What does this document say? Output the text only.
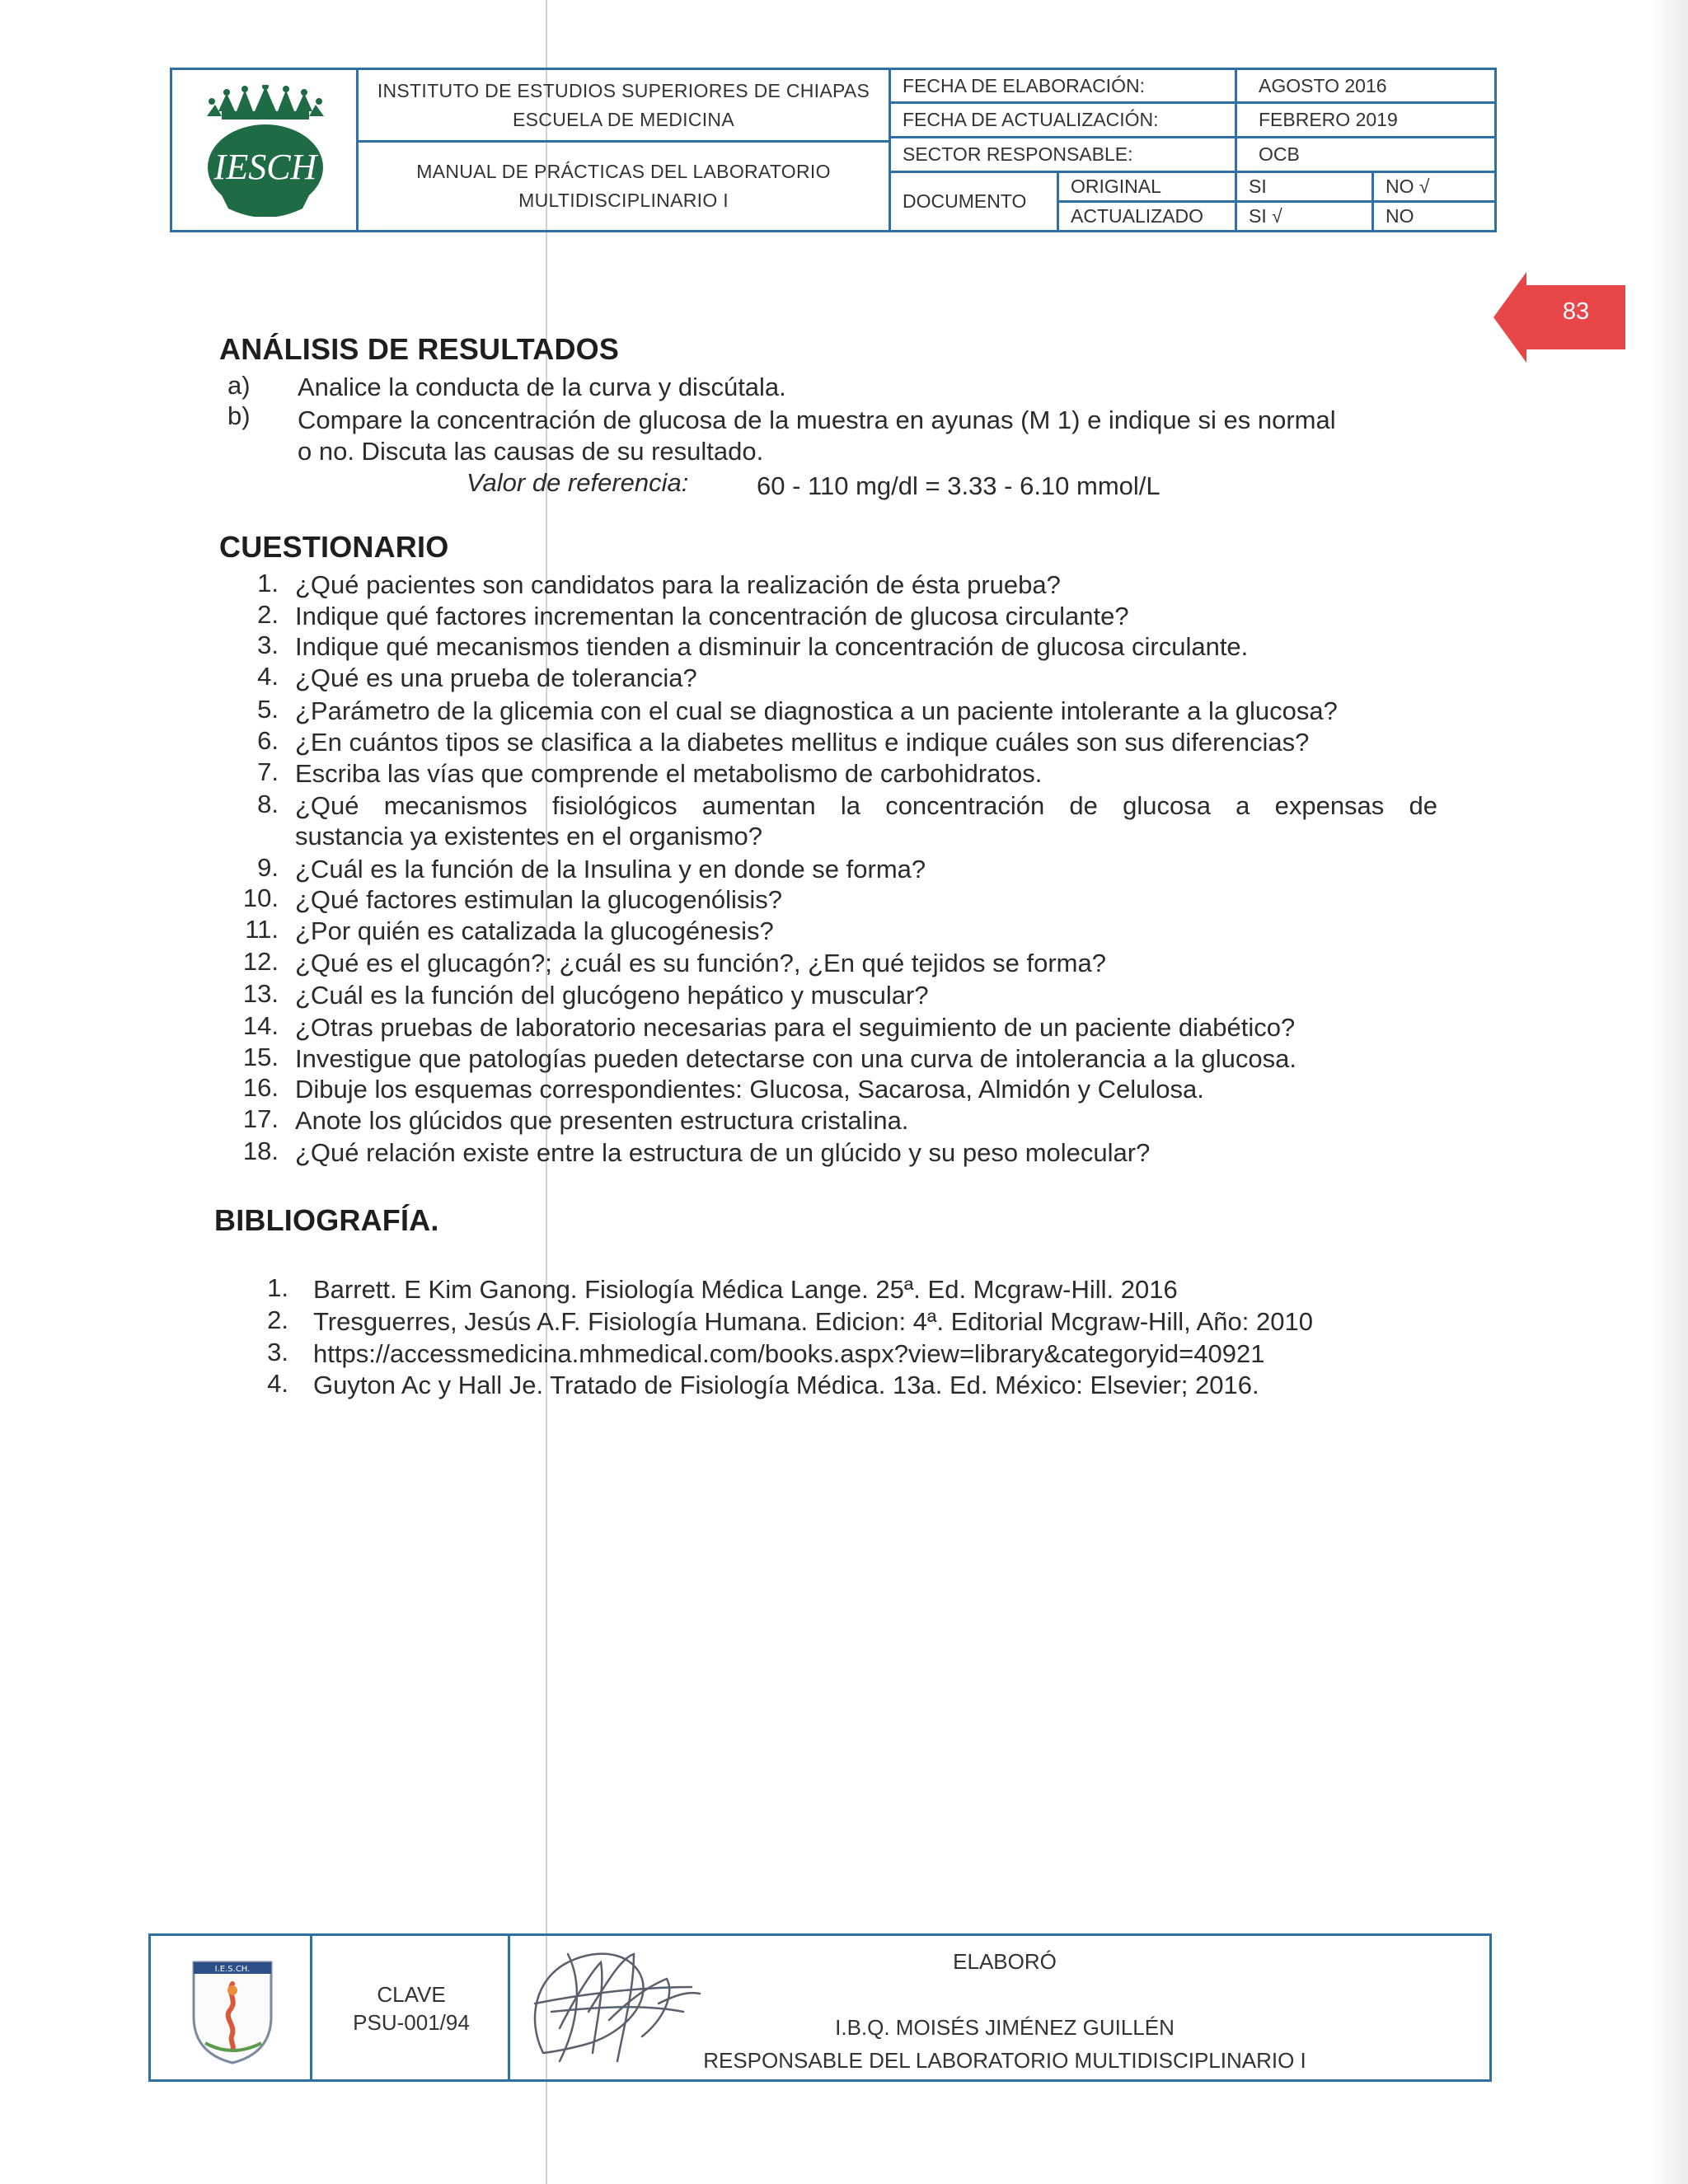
IESCH
INSTITUTO DE ESTUDIOS SUPERIORES DE CHIAPAS
ESCUELA DE MEDICINA
MANUAL DE PRÁCTICAS DEL LABORATORIO
MULTIDISCIPLINARIO I
FECHA DE ELABORACIÓN:	AGOSTO 2016
FECHA DE ACTUALIZACIÓN:	FEBRERO 2019
SECTOR RESPONSABLE:	OCB
DOCUMENTO
ORIGINAL	SI	NO √
ACTUALIZADO	SI √	NO
83
ANÁLISIS DE RESULTADOS
a)	Analice la conducta de la curva y discútala.
b)	Compare la concentración de glucosa de la muestra en ayunas (M 1) e indique si es normal
o no. Discuta las causas de su resultado.
Valor de referencia:	60 - 110 mg/dl = 3.33 - 6.10 mmol/L
CUESTIONARIO
1. ¿Qué pacientes son candidatos para la realización de ésta prueba?
2. Indique qué factores incrementan la concentración de glucosa circulante?
3. Indique qué mecanismos tienden a disminuir la concentración de glucosa circulante.
4. ¿Qué es una prueba de tolerancia?
5. ¿Parámetro de la glicemia con el cual se diagnostica a un paciente intolerante a la glucosa?
6. ¿En cuántos tipos se clasifica a la diabetes mellitus e indique cuáles son sus diferencias?
7. Escriba las vías que comprende el metabolismo de carbohidratos.
8. ¿Qué mecanismos fisiológicos aumentan la concentración de glucosa a expensas de
sustancia ya existentes en el organismo?
9. ¿Cuál es la función de la Insulina y en donde se forma?
10. ¿Qué factores estimulan la glucogenólisis?
11. ¿Por quién es catalizada la glucogénesis?
12. ¿Qué es el glucagón?; ¿cuál es su función?, ¿En qué tejidos se forma?
13. ¿Cuál es la función del glucógeno hepático y muscular?
14. ¿Otras pruebas de laboratorio necesarias para el seguimiento de un paciente diabético?
15. Investigue que patologías pueden detectarse con una curva de intolerancia a la glucosa.
16. Dibuje los esquemas correspondientes: Glucosa, Sacarosa, Almidón y Celulosa.
17. Anote los glúcidos que presenten estructura cristalina.
18. ¿Qué relación existe entre la estructura de un glúcido y su peso molecular?
BIBLIOGRAFÍA.
1. Barrett. E Kim Ganong. Fisiología Médica Lange. 25ª. Ed. Mcgraw-Hill. 2016
2. Tresguerres, Jesús A.F. Fisiología Humana. Edicion: 4ª. Editorial Mcgraw-Hill, Año: 2010
3. https://accessmedicina.mhmedical.com/books.aspx?view=library&categoryid=40921
4. Guyton Ac y Hall Je. Tratado de Fisiología Médica. 13a. Ed. México: Elsevier; 2016.
I.E.S.CH.
CLAVE
PSU-001/94
ELABORÓ
I.B.Q. MOISÉS JIMÉNEZ GUILLÉN
RESPONSABLE DEL LABORATORIO MULTIDISCIPLINARIO I
